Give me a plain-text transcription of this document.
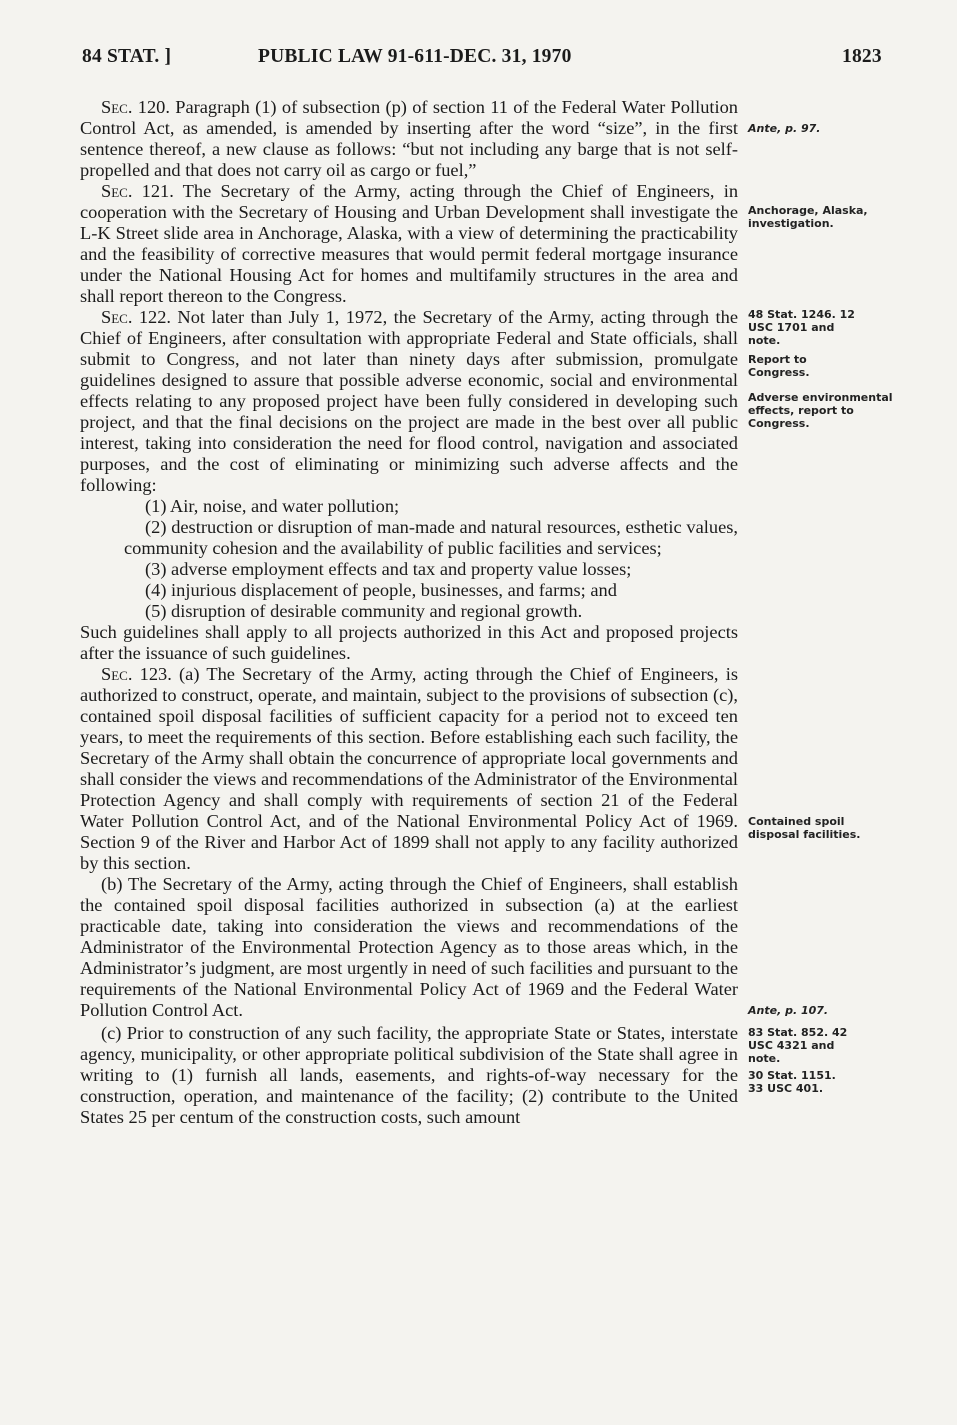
84 STAT. ]	PUBLIC LAW 91-611-DEC. 31, 1970	1823

Sec. 120. Paragraph (1) of subsection (p) of section 11 of the Federal Water Pollution Control Act, as amended, is amended by inserting after the word “size”, in the first sentence thereof, a new clause as follows: “but not including any barge that is not self-propelled and that does not carry oil as cargo or fuel,”

Sec. 121. The Secretary of the Army, acting through the Chief of Engineers, in cooperation with the Secretary of Housing and Urban Development shall investigate the L-K Street slide area in Anchorage, Alaska, with a view of determining the practicability and the feasibility of corrective measures that would permit federal mortgage insurance under the National Housing Act for homes and multifamily structures in the area and shall report thereon to the Congress.

Sec. 122. Not later than July 1, 1972, the Secretary of the Army, acting through the Chief of Engineers, after consultation with appropriate Federal and State officials, shall submit to Congress, and not later than ninety days after submission, promulgate guidelines designed to assure that possible adverse economic, social and environmental effects relating to any proposed project have been fully considered in developing such project, and that the final decisions on the project are made in the best over all public interest, taking into consideration the need for flood control, navigation and associated purposes, and the cost of eliminating or minimizing such adverse affects and the following:

(1) Air, noise, and water pollution;

(2) destruction or disruption of man-made and natural resources, esthetic values, community cohesion and the availability of public facilities and services;

(3) adverse employment effects and tax and property value losses;

(4) injurious displacement of people, businesses, and farms; and

(5) disruption of desirable community and regional growth.

Such guidelines shall apply to all projects authorized in this Act and proposed projects after the issuance of such guidelines.

Sec. 123. (a) The Secretary of the Army, acting through the Chief of Engineers, is authorized to construct, operate, and maintain, subject to the provisions of subsection (c), contained spoil disposal facilities of sufficient capacity for a period not to exceed ten years, to meet the requirements of this section. Before establishing each such facility, the Secretary of the Army shall obtain the concurrence of appropriate local governments and shall consider the views and recommendations of the Administrator of the Environmental Protection Agency and shall comply with requirements of section 21 of the Federal Water Pollution Control Act, and of the National Environmental Policy Act of 1969. Section 9 of the River and Harbor Act of 1899 shall not apply to any facility authorized by this section.

(b) The Secretary of the Army, acting through the Chief of Engineers, shall establish the contained spoil disposal facilities authorized in subsection (a) at the earliest practicable date, taking into consideration the views and recommendations of the Administrator of the Environmental Protection Agency as to those areas which, in the Administrator’s judgment, are most urgently in need of such facilities and pursuant to the requirements of the National Environmental Policy Act of 1969 and the Federal Water Pollution Control Act.

(c) Prior to construction of any such facility, the appropriate State or States, interstate agency, municipality, or other appropriate political subdivision of the State shall agree in writing to (1) furnish all lands, easements, and rights-of-way necessary for the construction, operation, and maintenance of the facility; (2) contribute to the United States 25 per centum of the construction costs, such amount

Ante, p. 97.
Anchorage, Alaska, investigation.
48 Stat. 1246. 12 USC 1701 and note.
Report to Congress.
Adverse environmental effects, report to Congress.
Contained spoil disposal facilities.
Ante, p. 107.
83 Stat. 852. 42 USC 4321 and note.
30 Stat. 1151. 33 USC 401.
